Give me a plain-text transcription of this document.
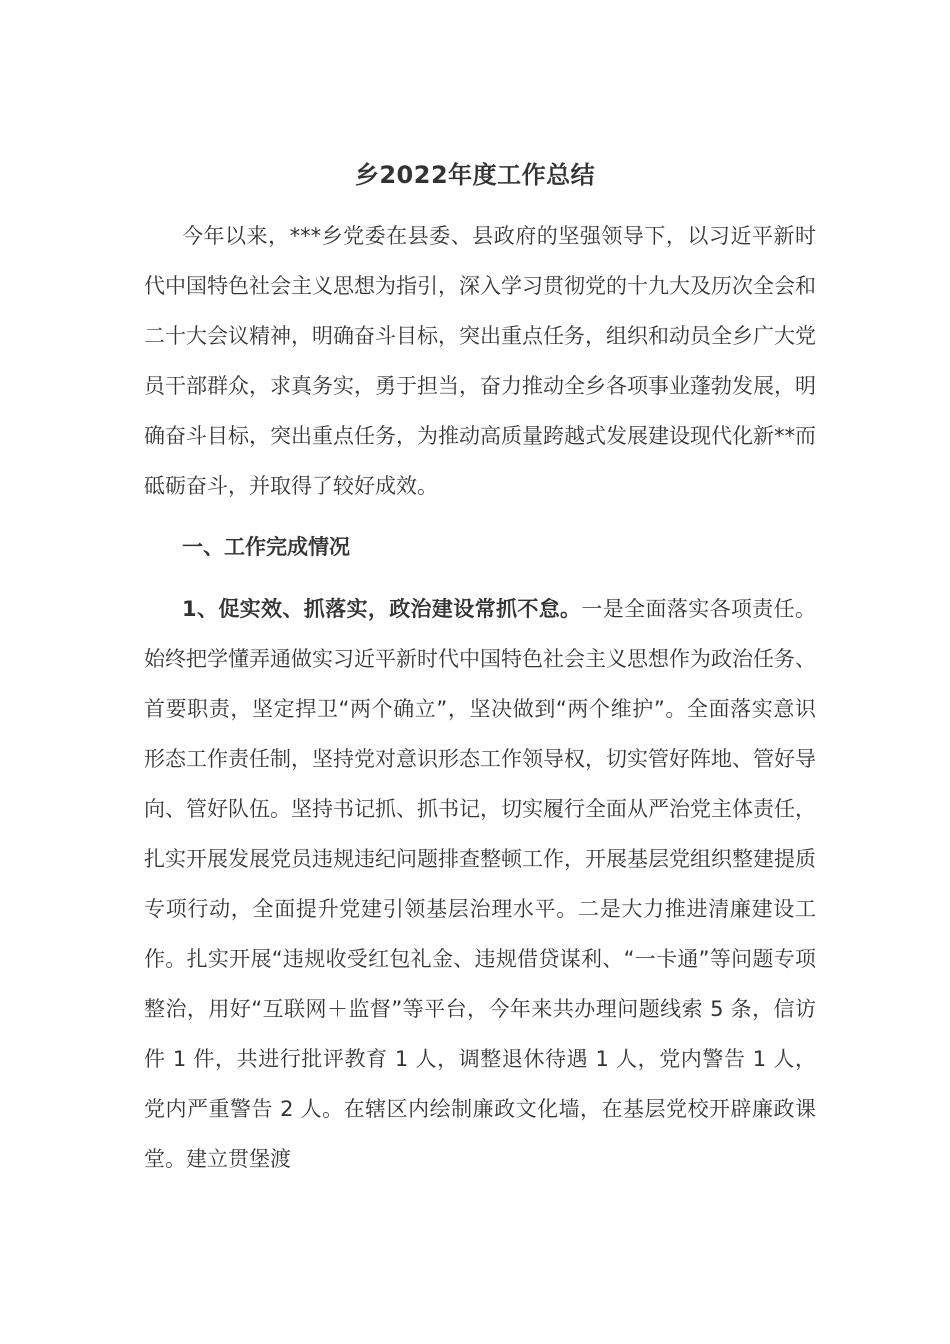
乡2022年度工作总结
今年以来，***乡党委在县委、县政府的坚强领导下，以习近平新时代中国特色社会主义思想为指引，深入学习贯彻党的十九大及历次全会和二十大会议精神，明确奋斗目标，突出重点任务，组织和动员全乡广大党员干部群众，求真务实，勇于担当，奋力推动全乡各项事业蓬勃发展，明确奋斗目标，突出重点任务，为推动高质量跨越式发展建设现代化新**而砥砺奋斗，并取得了较好成效。
一、工作完成情况
1、促实效、抓落实，政治建设常抓不怠。一是全面落实各项责任。始终把学懂弄通做实习近平新时代中国特色社会主义思想作为政治任务、首要职责，坚定捍卫“两个确立”，坚决做到“两个维护”。全面落实意识形态工作责任制，坚持党对意识形态工作领导权，切实管好阵地、管好导向、管好队伍。坚持书记抓、抓书记，切实履行全面从严治党主体责任，扎实开展发展党员违规违纪问题排查整顿工作，开展基层党组织整建提质专项行动，全面提升党建引领基层治理水平。二是大力推进清廉建设工作。扎实开展“违规收受红包礼金、违规借贷谋利、“一卡通”等问题专项整治，用好“互联网＋监督”等平台，今年来共办理问题线索 5 条，信访件 1 件，共进行批评教育 1 人，调整退休待遇 1 人，党内警告 1 人，党内严重警告 2 人。在辖区内绘制廉政文化墙，在基层党校开辟廉政课堂。建立贯堡渡
